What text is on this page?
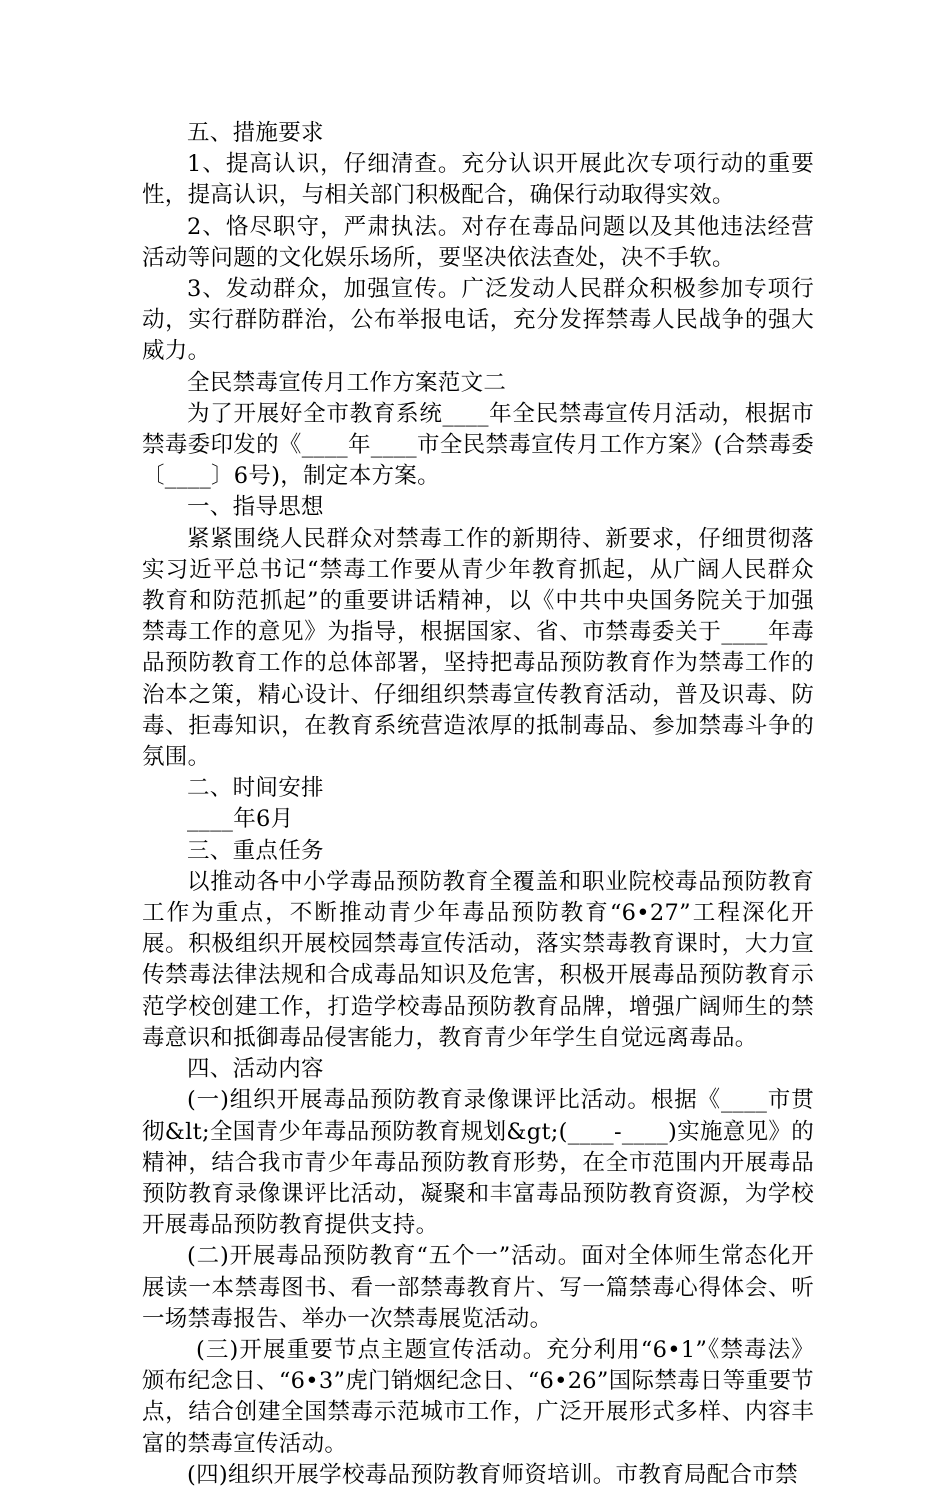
五、措施要求

1、提高认识，仔细清查。充分认识开展此次专项行动的重要性，提高认识，与相关部门积极配合，确保行动取得实效。

2、恪尽职守，严肃执法。对存在毒品问题以及其他违法经营活动等问题的文化娱乐场所，要坚决依法查处，决不手软。

3、发动群众，加强宣传。广泛发动人民群众积极参加专项行动，实行群防群治，公布举报电话，充分发挥禁毒人民战争的强大威力。

全民禁毒宣传月工作方案范文二

为了开展好全市教育系统____年全民禁毒宣传月活动，根据市禁毒委印发的《____年____市全民禁毒宣传月工作方案》(合禁毒委〔____〕6号)，制定本方案。

一、指导思想

紧紧围绕人民群众对禁毒工作的新期待、新要求，仔细贯彻落实习近平总书记“禁毒工作要从青少年教育抓起，从广阔人民群众教育和防范抓起”的重要讲话精神，以《中共中央国务院关于加强禁毒工作的意见》为指导，根据国家、省、市禁毒委关于____年毒品预防教育工作的总体部署，坚持把毒品预防教育作为禁毒工作的治本之策，精心设计、仔细组织禁毒宣传教育活动，普及识毒、防毒、拒毒知识，在教育系统营造浓厚的抵制毒品、参加禁毒斗争的氛围。

二、时间安排

____年6月

三、重点任务

以推动各中小学毒品预防教育全覆盖和职业院校毒品预防教育工作为重点，不断推动青少年毒品预防教育“6•27”工程深化开展。积极组织开展校园禁毒宣传活动，落实禁毒教育课时，大力宣传禁毒法律法规和合成毒品知识及危害，积极开展毒品预防教育示范学校创建工作，打造学校毒品预防教育品牌，增强广阔师生的禁毒意识和抵御毒品侵害能力，教育青少年学生自觉远离毒品。

四、活动内容

(一)组织开展毒品预防教育录像课评比活动。根据《____市贯彻&lt;全国青少年毒品预防教育规划&gt;(____-____)实施意见》的精神，结合我市青少年毒品预防教育形势，在全市范围内开展毒品预防教育录像课评比活动，凝聚和丰富毒品预防教育资源，为学校开展毒品预防教育提供支持。

(二)开展毒品预防教育“五个一”活动。面对全体师生常态化开展读一本禁毒图书、看一部禁毒教育片、写一篇禁毒心得体会、听一场禁毒报告、举办一次禁毒展览活动。

(三)开展重要节点主题宣传活动。充分利用“6•1”《禁毒法》颁布纪念日、“6•3”虎门销烟纪念日、“6•26”国际禁毒日等重要节点，结合创建全国禁毒示范城市工作，广泛开展形式多样、内容丰富的禁毒宣传活动。

(四)组织开展学校毒品预防教育师资培训。市教育局配合市禁
